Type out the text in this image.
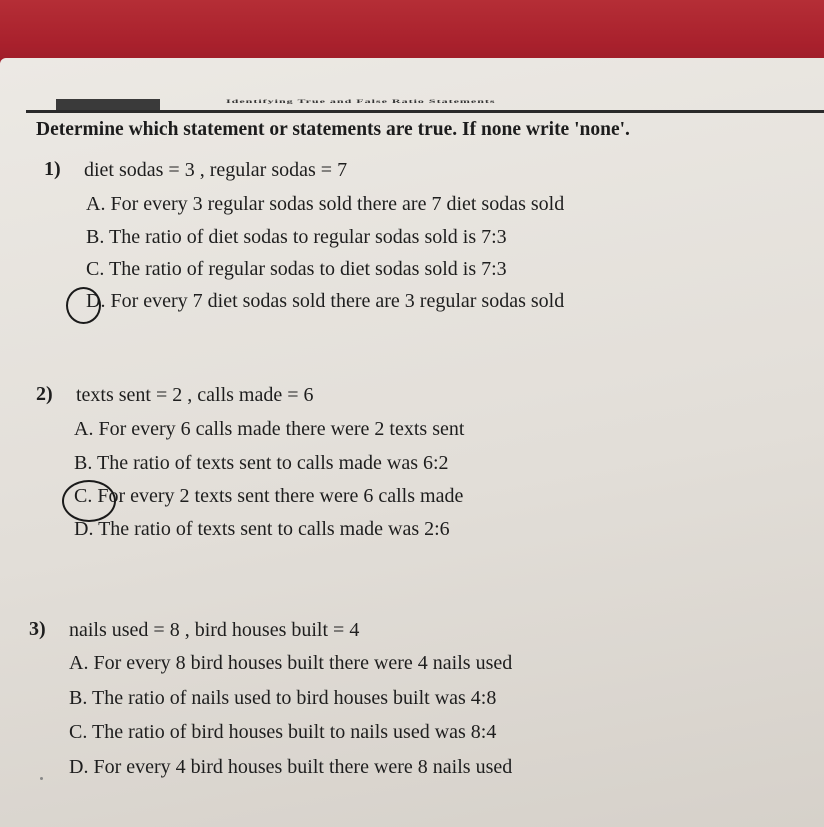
Identifying True and False Ratio Statements
Determine which statement or statements are true. If none write 'none'.
1) diet sodas = 3 , regular sodas = 7
A. For every 3 regular sodas sold there are 7 diet sodas sold
B. The ratio of diet sodas to regular sodas sold is 7:3
C. The ratio of regular sodas to diet sodas sold is 7:3
D. For every 7 diet sodas sold there are 3 regular sodas sold
2) texts sent = 2 , calls made = 6
A. For every 6 calls made there were 2 texts sent
B. The ratio of texts sent to calls made was 6:2
C. For every 2 texts sent there were 6 calls made
D. The ratio of texts sent to calls made was 2:6
3) nails used = 8 , bird houses built = 4
A. For every 8 bird houses built there were 4 nails used
B. The ratio of nails used to bird houses built was 4:8
C. The ratio of bird houses built to nails used was 8:4
D. For every 4 bird houses built there were 8 nails used
